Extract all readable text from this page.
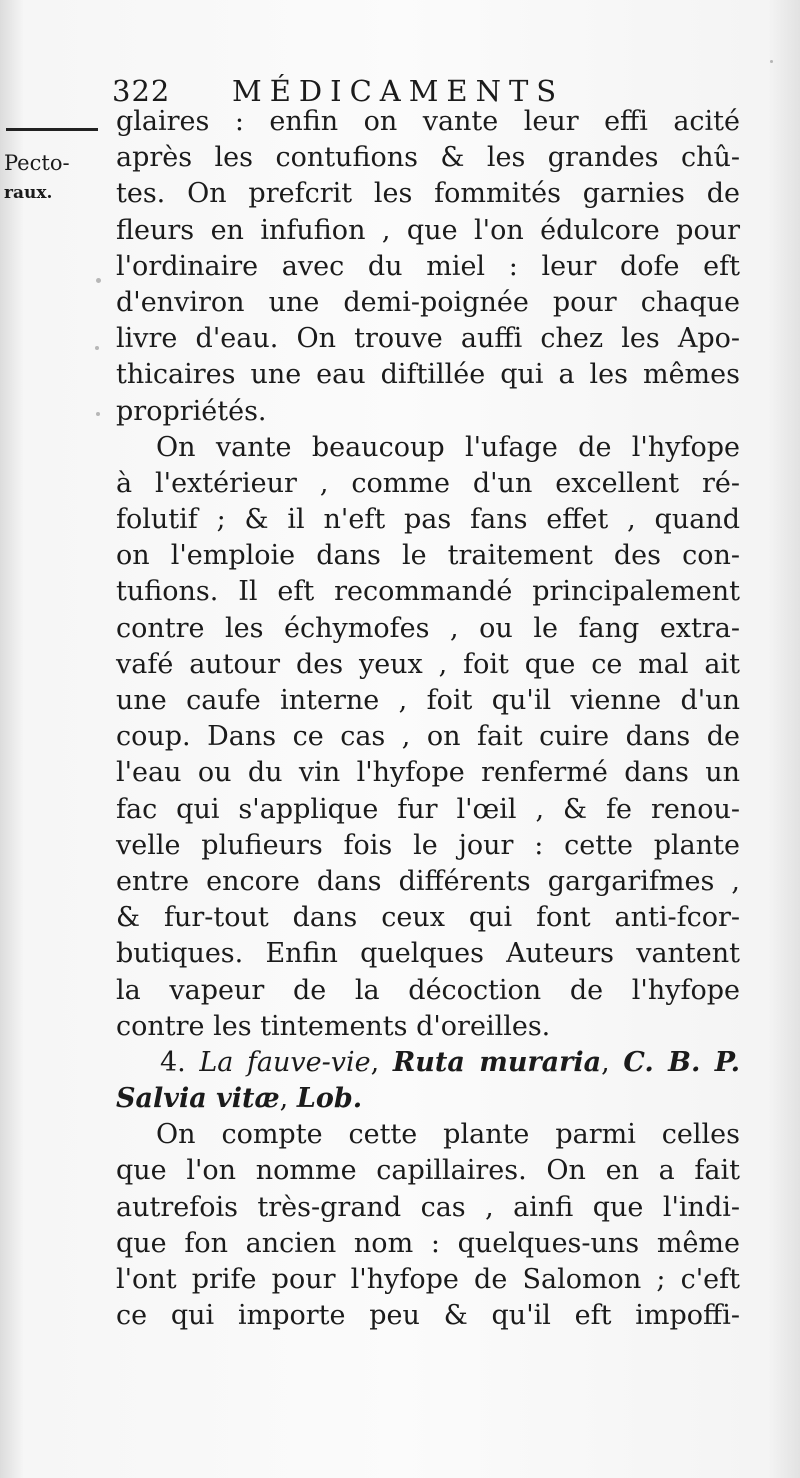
322 MÉDICAMENTS
Pectο-
raux.
glaires : enfin on vante leur effi acité
après les contufions & les grandes chû-
tes. On prefcrit les fommités garnies de
fleurs en infufion , que l'on édulcore pour
l'ordinaire avec du miel : leur dofe eft
d'environ une demi-poignée pour chaque
livre d'eau. On trouve auffi chez les Apo-
thicaires une eau diftillée qui a les mêmes
propriétés.
On vante beaucoup l'ufage de l'hyfope
à l'extérieur , comme d'un excellent ré-
folutif ; & il n'eft pas fans effet , quand
on l'emploie dans le traitement des con-
tufions. Il eft recommandé principalement
contre les échymofes , ou le fang extra-
vafé autour des yeux , foit que ce mal ait
une caufe interne , foit qu'il vienne d'un
coup. Dans ce cas , on fait cuire dans de
l'eau ou du vin l'hyfope renfermé dans un
fac qui s'applique fur l'œil , & fe renou-
velle plufieurs fois le jour : cette plante
entre encore dans différents gargarifmes ,
& fur-tout dans ceux qui font anti-fcor-
butiques. Enfin quelques Auteurs vantent
la vapeur de la décoction de l'hyfope
contre les tintements d'oreilles.
4. La fauve-vie, Ruta muraria, C. B. P.
Salvia vitæ, Lob.
On compte cette plante parmi celles
que l'on nomme capillaires. On en a fait
autrefois très-grand cas , ainfi que l'indi-
que fon ancien nom : quelques-uns même
l'ont prife pour l'hyfope de Salomon ; c'eft
ce qui importe peu & qu'il eft impoffi-
